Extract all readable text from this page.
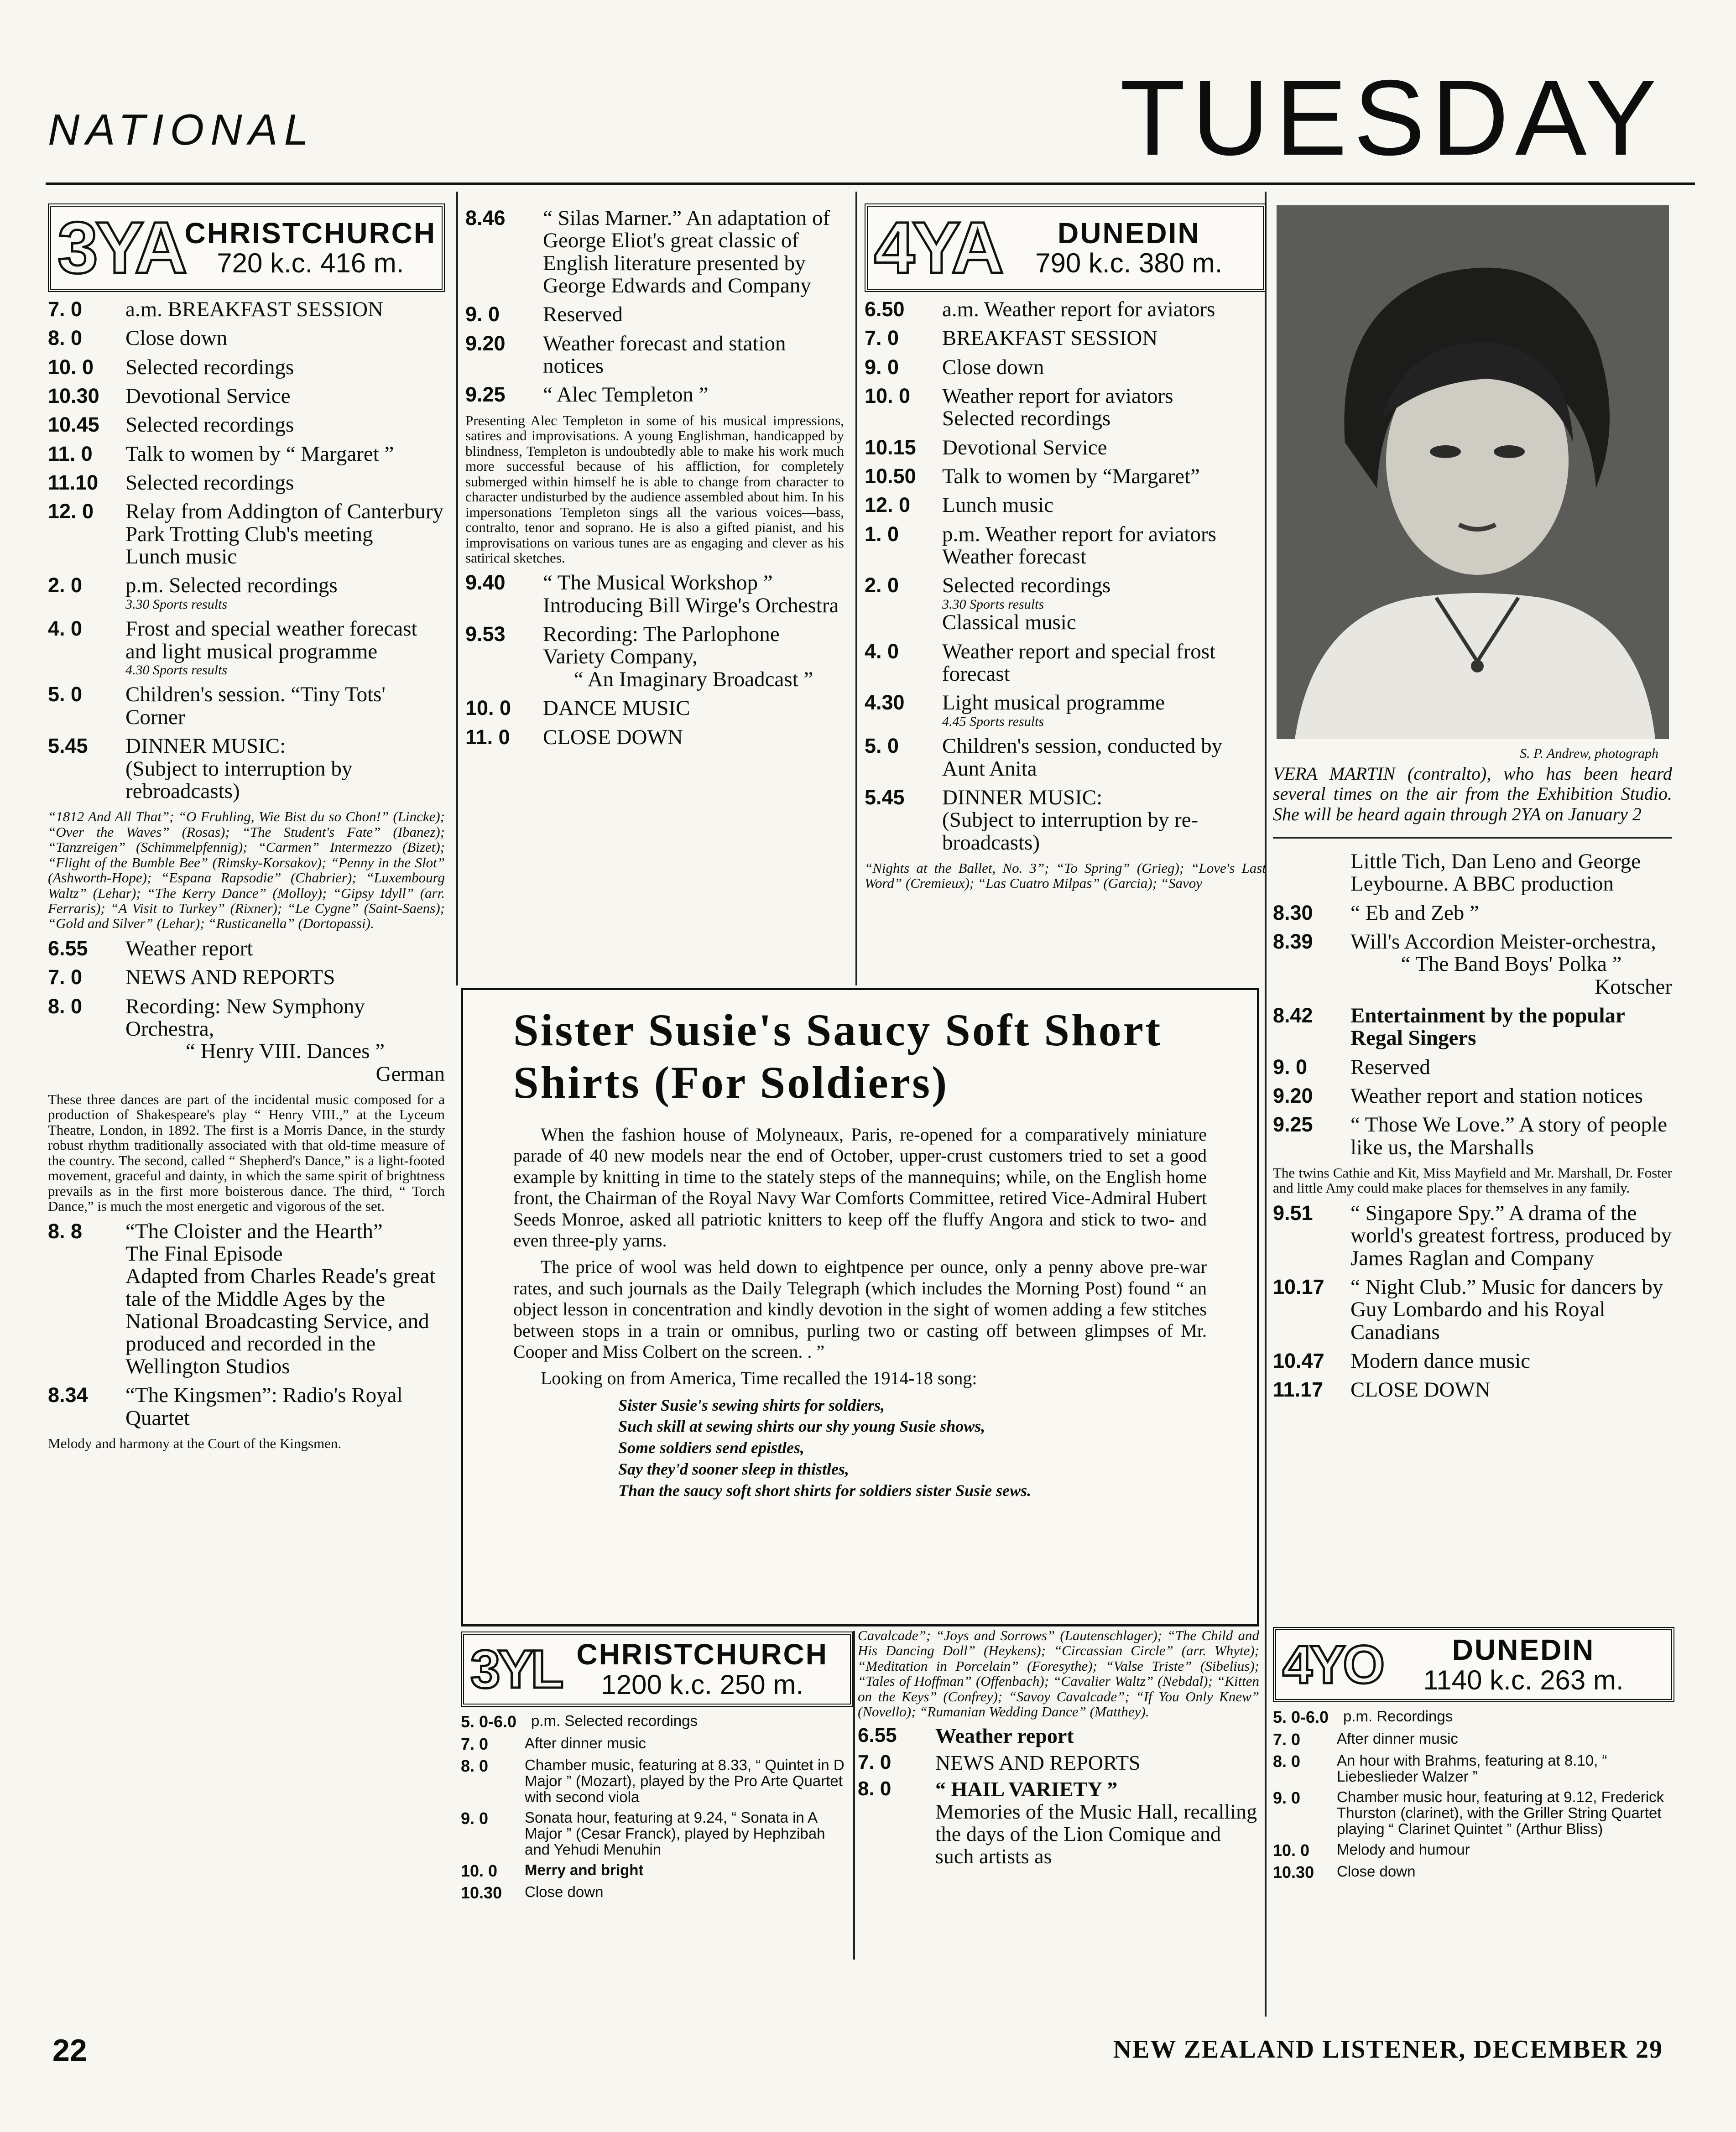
NATIONAL	TUESDAY
3YA CHRISTCHURCH
720 k.c. 416 m.
7. 0	a.m. BREAKFAST SESSION
8. 0	Close down
10. 0	Selected recordings
10.30	Devotional Service
10.45	Selected recordings
11. 0	Talk to women by “ Margaret ”
11.10	Selected recordings
12. 0	Relay from Addington of Canterbury Park Trotting Club's meeting
Lunch music
2. 0	p.m. Selected recordings
3.30 Sports results
4. 0	Frost and special weather forecast and light musical programme
4.30 Sports results
5. 0	Children's session. “Tiny Tots' Corner
5.45	DINNER MUSIC:
(Subject to interruption by rebroadcasts)
“1812 And All That”; “O Fruhling, Wie Bist du so Chon!” (Lincke); “Over the Waves” (Rosas); “The Student's Fate” (Ibanez); “Tanzreigen” (Schimmelpfennig); “Carmen” Intermezzo (Bizet); “Flight of the Bumble Bee” (Rimsky-Korsakov); “Penny in the Slot” (Ashworth-Hope); “Espana Rapsodie” (Chabrier); “Luxembourg Waltz” (Lehar); “The Kerry Dance” (Molloy); “Gipsy Idyll” (arr. Ferraris); “A Visit to Turkey” (Rixner); “Le Cygne” (Saint-Saens); “Gold and Silver” (Lehar); “Rusticanella” (Dortopassi).
6.55	Weather report
7. 0	NEWS AND REPORTS
8. 0	Recording: New Symphony Orchestra,
“ Henry VIII. Dances ”
German
These three dances are part of the incidental music composed for a production of Shakespeare's play “ Henry VIII.,” at the Lyceum Theatre, London, in 1892. The first is a Morris Dance, in the sturdy robust rhythm traditionally associated with that old-time measure of the country. The second, called “ Shepherd's Dance,” is a light-footed movement, graceful and dainty, in which the same spirit of brightness prevails as in the first more boisterous dance. The third, “ Torch Dance,” is much the most energetic and vigorous of the set.
8. 8	“The Cloister and the Hearth”
The Final Episode
Adapted from Charles Reade's great tale of the Middle Ages by the National Broadcasting Service, and produced and recorded in the Wellington Studios
8.34	“The Kingsmen”: Radio's Royal Quartet
Melody and harmony at the Court of the Kingsmen.
8.46	“ Silas Marner.” An adaptation of George Eliot's great classic of English literature presented by George Edwards and Company
9. 0	Reserved
9.20	Weather forecast and station notices
9.25	“ Alec Templeton ”
Presenting Alec Templeton in some of his musical impressions, satires and improvisations. A young Englishman, handicapped by blindness, Templeton is undoubtedly able to make his work much more successful because of his affliction, for completely submerged within himself he is able to change from character to character undisturbed by the audience assembled about him. In his impersonations Templeton sings all the various voices—bass, contralto, tenor and soprano. He is also a gifted pianist, and his improvisations on various tunes are as engaging and clever as his satirical sketches.
9.40	“ The Musical Workshop ”
Introducing Bill Wirge's Orchestra
9.53	Recording: The Parlophone Variety Company,
“ An Imaginary Broadcast ”
10. 0	DANCE MUSIC
11. 0	CLOSE DOWN
4YA	DUNEDIN
790 k.c. 380 m.
6.50	a.m. Weather report for aviators
7. 0	BREAKFAST SESSION
9. 0	Close down
10. 0	Weather report for aviators
Selected recordings
10.15	Devotional Service
10.50	Talk to women by “Margaret”
12. 0	Lunch music
1. 0	p.m. Weather report for aviators
Weather forecast
2. 0	Selected recordings
3.30 Sports results
Classical music
4. 0	Weather report and special frost forecast
4.30	Light musical programme
4.45 Sports results
5. 0	Children's session, conducted by Aunt Anita
5.45	DINNER MUSIC:
(Subject to interruption by re-broadcasts)
“Nights at the Ballet, No. 3”; “To Spring” (Grieg); “Love's Last Word” (Cremieux); “Las Cuatro Milpas” (Garcia); “Savoy
S. P. Andrew, photograph
VERA MARTIN (contralto), who has been heard several times on the air from the Exhibition Studio. She will be heard again through 2YA on January 2
Little Tich, Dan Leno and George Leybourne. A BBC production
8.30	“ Eb and Zeb ”
8.39	Will's Accordion Meister-orchestra,
“ The Band Boys' Polka ”
Kotscher
8.42	Entertainment by the popular Regal Singers
9. 0	Reserved
9.20	Weather report and station notices
9.25	“ Those We Love.” A story of people like us, the Marshalls
The twins Cathie and Kit, Miss Mayfield and Mr. Marshall, Dr. Foster and little Amy could make places for themselves in any family.
9.51	“ Singapore Spy.” A drama of the world's greatest fortress, produced by James Raglan and Company
10.17	“ Night Club.” Music for dancers by Guy Lombardo and his Royal Canadians
10.47	Modern dance music
11.17	CLOSE DOWN
Sister Susie's Saucy Soft Short Shirts (For Soldiers)

When the fashion house of Molyneaux, Paris, re-opened for a comparatively miniature parade of 40 new models near the end of October, upper-crust customers tried to set a good example by knitting in time to the stately steps of the mannequins; while, on the English home front, the Chairman of the Royal Navy War Comforts Committee, retired Vice-Admiral Hubert Seeds Monroe, asked all patriotic knitters to keep off the fluffy Angora and stick to two- and even three-ply yarns.

The price of wool was held down to eightpence per ounce, only a penny above pre-war rates, and such journals as the Daily Telegraph (which includes the Morning Post) found “ an object lesson in concentration and kindly devotion in the sight of women adding a few stitches between stops in a train or omnibus, purling two or casting off between glimpses of Mr. Cooper and Miss Colbert on the screen. . ”

Looking on from America, Time recalled the 1914-18 song:

Sister Susie's sewing shirts for soldiers,
Such skill at sewing shirts our shy young Susie shows,
Some soldiers send epistles,
Say they'd sooner sleep in thistles,
Than the saucy soft short shirts for soldiers sister Susie sews.
3YL CHRISTCHURCH
1200 k.c. 250 m.
5. 0-6.0 p.m. Selected recordings
7. 0	After dinner music
8. 0	Chamber music, featuring at 8.33, “ Quintet in D Major ” (Mozart), played by the Pro Arte Quartet with second viola
9. 0	Sonata hour, featuring at 9.24, “ Sonata in A Major ” (Cesar Franck), played by Hephzibah and Yehudi Menuhin
10. 0	Merry and bright
10.30	Close down
Cavalcade”; “Joys and Sorrows” (Lautenschlager); “The Child and His Dancing Doll” (Heykens); “Circassian Circle” (arr. Whyte); “Meditation in Porcelain” (Foresythe); “Valse Triste” (Sibelius); “Tales of Hoffman” (Offenbach); “Cavalier Waltz” (Nebdal); “Kitten on the Keys” (Confrey); “Savoy Cavalcade”; “If You Only Knew” (Novello); “Rumanian Wedding Dance” (Matthey).
6.55	Weather report
7. 0	NEWS AND REPORTS
8. 0	“ HAIL VARIETY ”
Memories of the Music Hall, recalling the days of the Lion Comique and such artists as
4YO	DUNEDIN
1140 k.c. 263 m.
5. 0-6.0 p.m. Recordings
7. 0	After dinner music
8. 0	An hour with Brahms, featuring at 8.10, “ Liebeslieder Walzer ”
9. 0	Chamber music hour, featuring at 9.12, Frederick Thurston (clarinet), with the Griller String Quartet playing “ Clarinet Quintet ” (Arthur Bliss)
10. 0	Melody and humour
10.30	Close down
22	NEW ZEALAND LISTENER, DECEMBER 29
